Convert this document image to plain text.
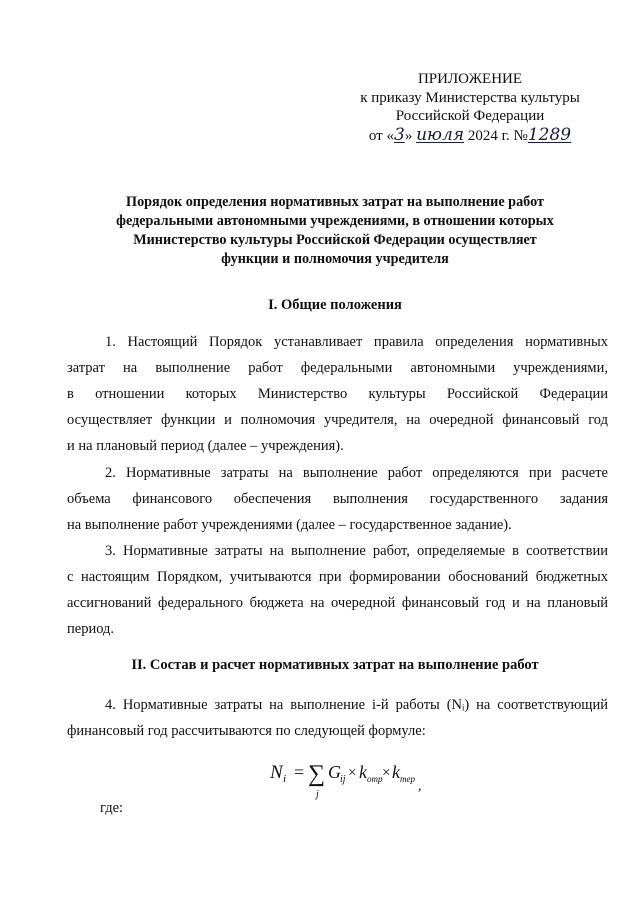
ПРИЛОЖЕНИЕ
к приказу Министерства культуры
Российской Федерации
от «3» июля 2024 г. №1289
Порядок определения нормативных затрат на выполнение работ
федеральными автономными учреждениями, в отношении которых
Министерство культуры Российской Федерации осуществляет
функции и полномочия учредителя
I. Общие положения
1. Настоящий Порядок устанавливает правила определения нормативных
затрат на выполнение работ федеральными автономными учреждениями,
в отношении которых Министерство культуры Российской Федерации
осуществляет функции и полномочия учредителя, на очередной финансовый год
и на плановый период (далее – учреждения).
2. Нормативные затраты на выполнение работ определяются при расчете
объема финансового обеспечения выполнения государственного задания
на выполнение работ учреждениями (далее – государственное задание).
3. Нормативные затраты на выполнение работ, определяемые в соответствии
с настоящим Порядком, учитываются при формировании обоснований бюджетных
ассигнований федерального бюджета на очередной финансовый год и на плановый
период.
II. Состав и расчет нормативных затрат на выполнение работ
4. Нормативные затраты на выполнение i-й работы (Nᵢ) на соответствующий
финансовый год рассчитываются по следующей формуле:
N i = ∑
j
G ij × k отр × k тер ,
где:
